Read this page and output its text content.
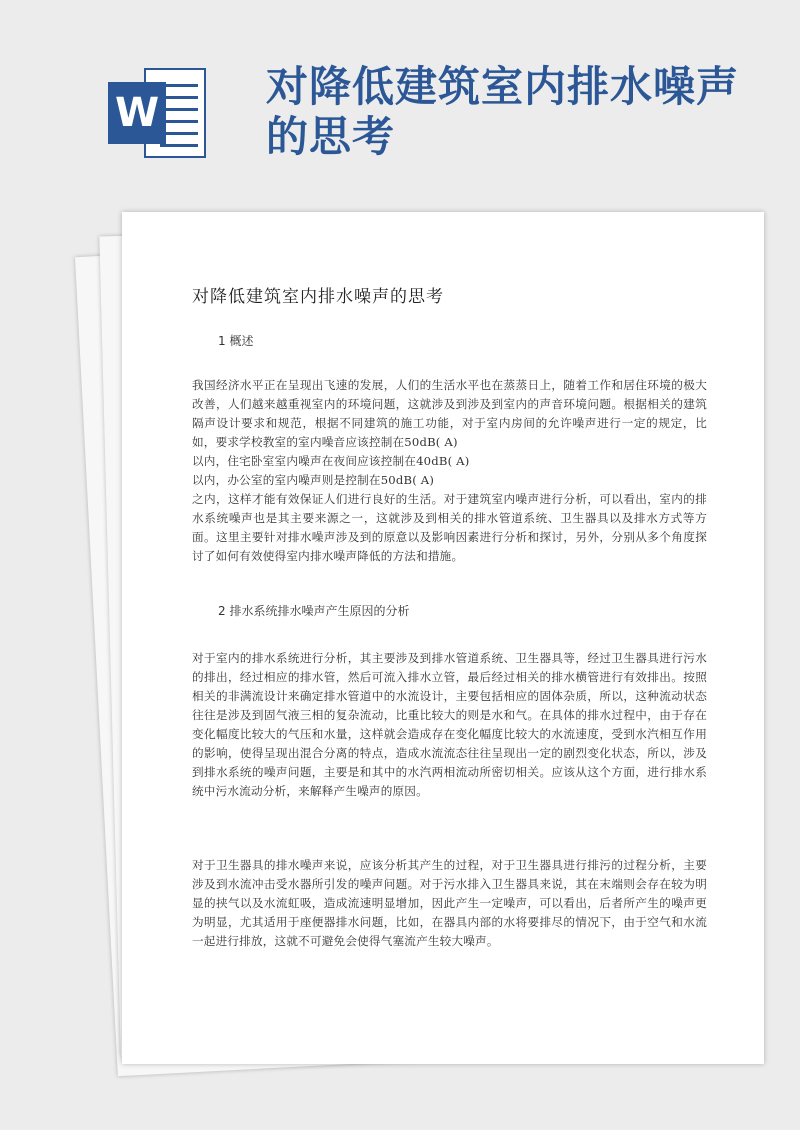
W
对降低建筑室内排水噪声的思考
对降低建筑室内排水噪声的思考
1 概述
我国经济水平正在呈现出飞速的发展，人们的生活水平也在蒸蒸日上，随着工作和居住环境的极大改善，人们越来越重视室内的环境问题，这就涉及到涉及到室内的声音环境问题。根据相关的建筑隔声设计要求和规范，根据不同建筑的施工功能，对于室内房间的允许噪声进行一定的规定，比如，要求学校教室的室内噪音应该控制在50dB( A)
以内，住宅卧室室内噪声在夜间应该控制在40dB( A)
以内，办公室的室内噪声则是控制在50dB( A)
之内，这样才能有效保证人们进行良好的生活。对于建筑室内噪声进行分析，可以看出，室内的排水系统噪声也是其主要来源之一，这就涉及到相关的排水管道系统、卫生器具以及排水方式等方面。这里主要针对排水噪声涉及到的原意以及影响因素进行分析和探讨，另外，分别从多个角度探讨了如何有效使得室内排水噪声降低的方法和措施。
2 排水系统排水噪声产生原因的分析
对于室内的排水系统进行分析，其主要涉及到排水管道系统、卫生器具等，经过卫生器具进行污水的排出，经过相应的排水管，然后可流入排水立管，最后经过相关的排水横管进行有效排出。按照相关的非满流设计来确定排水管道中的水流设计，主要包括相应的固体杂质，所以，这种流动状态往往是涉及到固气液三相的复杂流动，比重比较大的则是水和气。在具体的排水过程中，由于存在变化幅度比较大的气压和水量，这样就会造成存在变化幅度比较大的水流速度，受到水汽相互作用的影响，使得呈现出混合分离的特点，造成水流流态往往呈现出一定的剧烈变化状态，所以，涉及到排水系统的噪声问题，主要是和其中的水汽两相流动所密切相关。应该从这个方面，进行排水系统中污水流动分析，来解释产生噪声的原因。
对于卫生器具的排水噪声来说，应该分析其产生的过程，对于卫生器具进行排污的过程分析，主要涉及到水流冲击受水器所引发的噪声问题。对于污水排入卫生器具来说，其在末端则会存在较为明显的挟气以及水流虹吸，造成流速明显增加，因此产生一定噪声，可以看出，后者所产生的噪声更为明显，尤其适用于座便器排水问题，比如，在器具内部的水将要排尽的情况下，由于空气和水流一起进行排放，这就不可避免会使得气塞流产生较大噪声。
